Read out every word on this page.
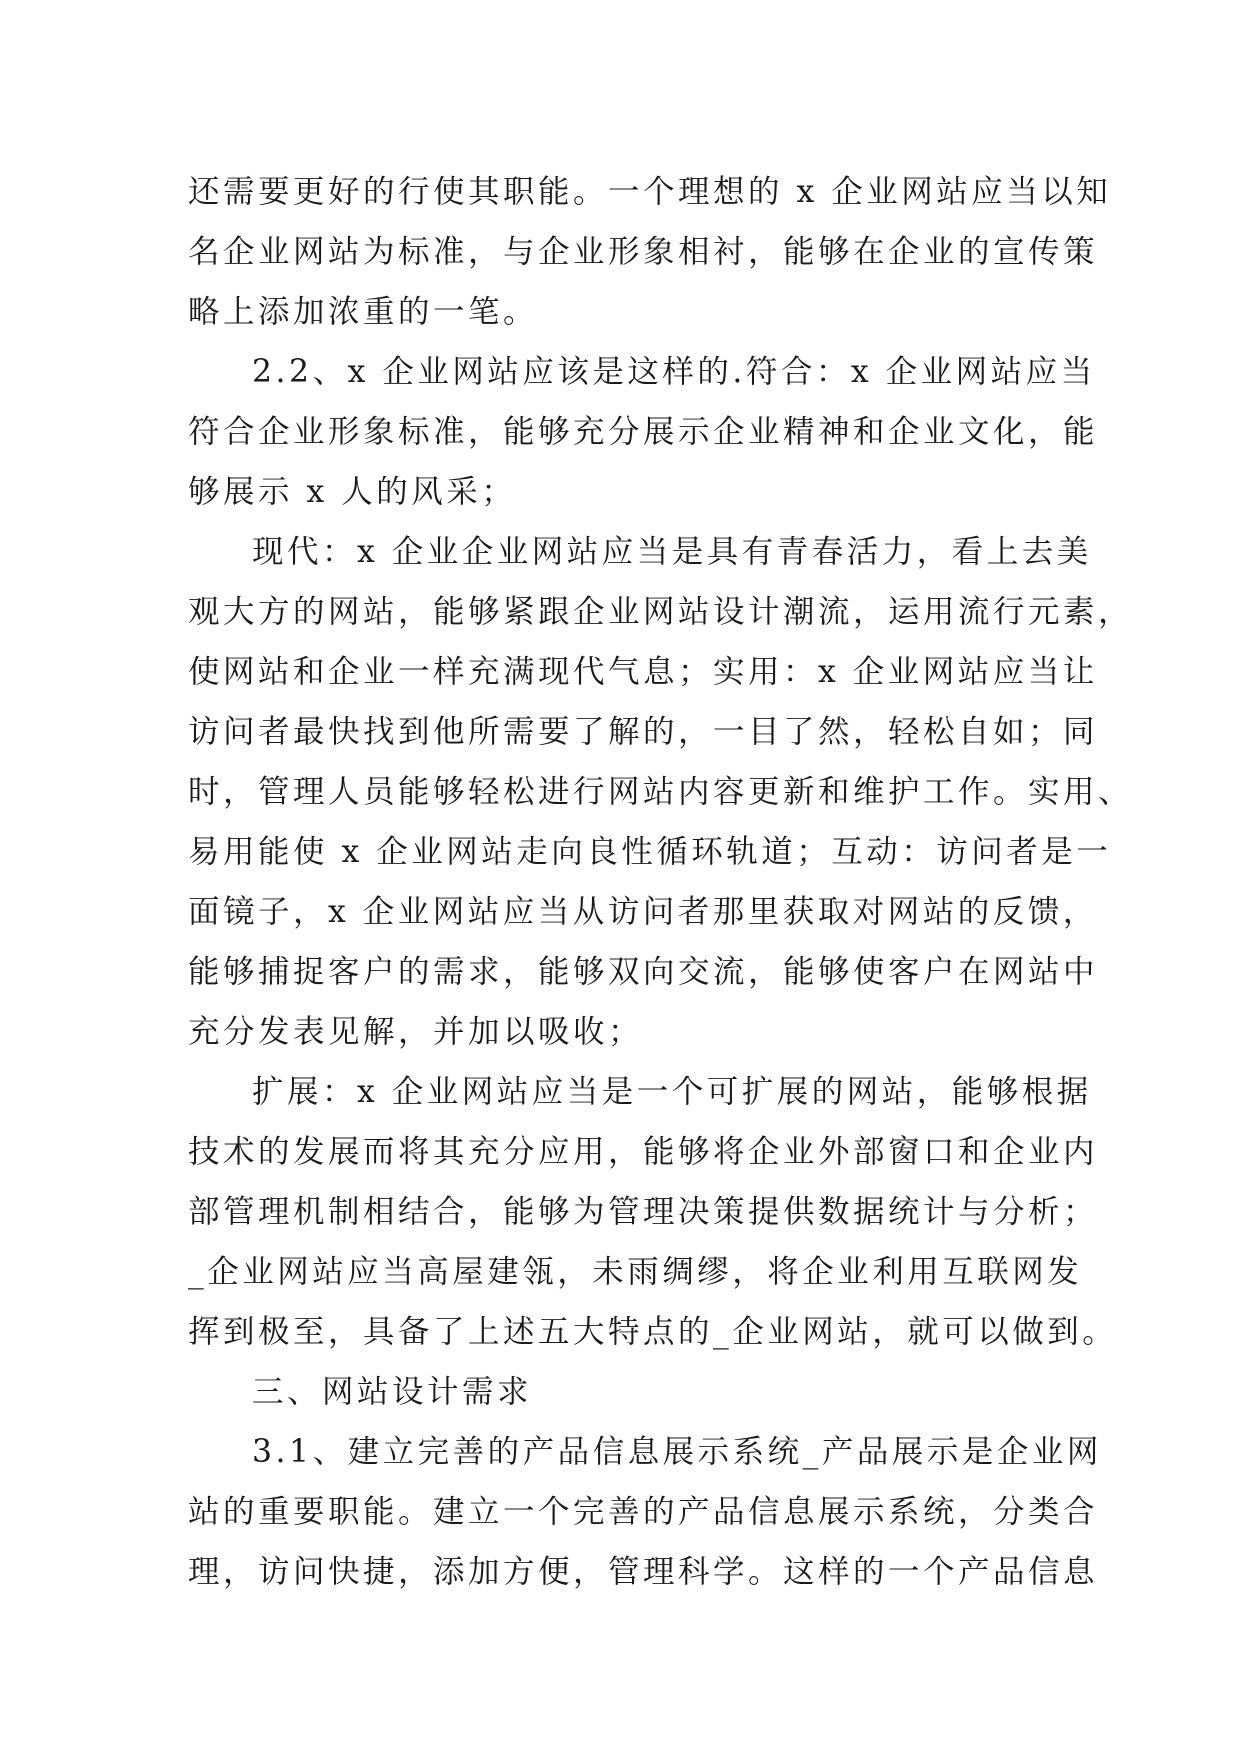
还需要更好的行使其职能。一个理想的 x 企业网站应当以知
名企业网站为标准，与企业形象相衬，能够在企业的宣传策
略上添加浓重的一笔。
2.2、x 企业网站应该是这样的.符合：x 企业网站应当
符合企业形象标准，能够充分展示企业精神和企业文化，能
够展示 x 人的风采；
现代：x 企业企业网站应当是具有青春活力，看上去美
观大方的网站，能够紧跟企业网站设计潮流，运用流行元素，
使网站和企业一样充满现代气息；实用：x 企业网站应当让
访问者最快找到他所需要了解的，一目了然，轻松自如；同
时，管理人员能够轻松进行网站内容更新和维护工作。实用、
易用能使 x 企业网站走向良性循环轨道；互动：访问者是一
面镜子，x 企业网站应当从访问者那里获取对网站的反馈，
能够捕捉客户的需求，能够双向交流，能够使客户在网站中
充分发表见解，并加以吸收；
扩展：x 企业网站应当是一个可扩展的网站，能够根据
技术的发展而将其充分应用，能够将企业外部窗口和企业内
部管理机制相结合，能够为管理决策提供数据统计与分析；
_企业网站应当高屋建瓴，未雨绸缪，将企业利用互联网发
挥到极至，具备了上述五大特点的_企业网站，就可以做到。
三、网站设计需求
3.1、建立完善的产品信息展示系统_产品展示是企业网
站的重要职能。建立一个完善的产品信息展示系统，分类合
理，访问快捷，添加方便，管理科学。这样的一个产品信息
